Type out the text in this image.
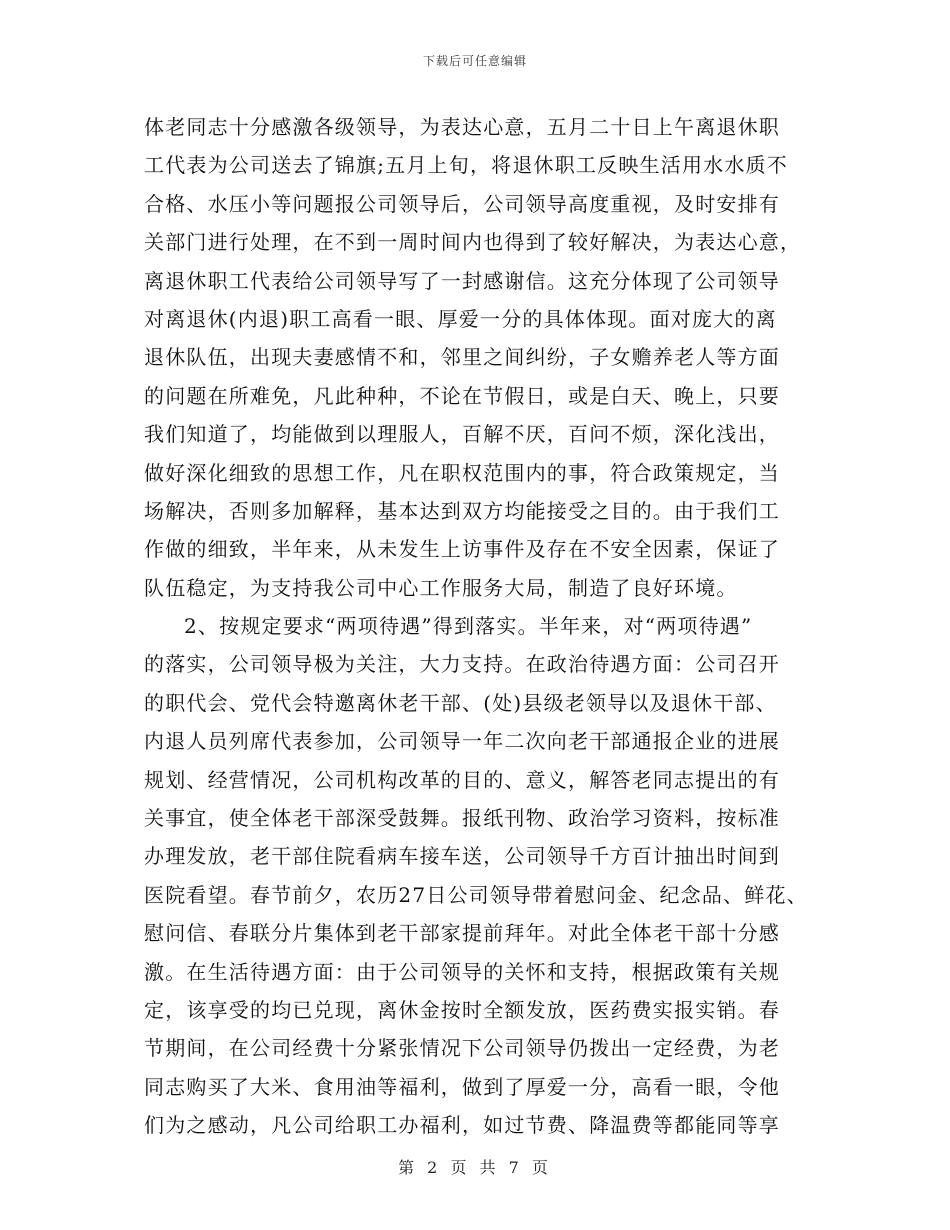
下载后可任意编辑
体老同志十分感激各级领导，为表达心意，五月二十日上午离退休职
工代表为公司送去了锦旗;五月上旬，将退休职工反映生活用水水质不
合格、水压小等问题报公司领导后，公司领导高度重视，及时安排有
关部门进行处理，在不到一周时间内也得到了较好解决，为表达心意，
离退休职工代表给公司领导写了一封感谢信。这充分体现了公司领导
对离退休(内退)职工高看一眼、厚爱一分的具体体现。面对庞大的离
退休队伍，出现夫妻感情不和，邻里之间纠纷，子女赡养老人等方面
的问题在所难免，凡此种种，不论在节假日，或是白天、晚上，只要
我们知道了，均能做到以理服人，百解不厌，百问不烦，深化浅出，
做好深化细致的思想工作，凡在职权范围内的事，符合政策规定，当
场解决，否则多加解释，基本达到双方均能接受之目的。由于我们工
作做的细致，半年来，从未发生上访事件及存在不安全因素，保证了
队伍稳定，为支持我公司中心工作服务大局，制造了良好环境。
2、按规定要求“两项待遇”得到落实。半年来，对“两项待遇”
的落实，公司领导极为关注，大力支持。在政治待遇方面：公司召开
的职代会、党代会特邀离休老干部、(处)县级老领导以及退休干部、
内退人员列席代表参加，公司领导一年二次向老干部通报企业的进展
规划、经营情况，公司机构改革的目的、意义，解答老同志提出的有
关事宜，使全体老干部深受鼓舞。报纸刊物、政治学习资料，按标准
办理发放，老干部住院看病车接车送，公司领导千方百计抽出时间到
医院看望。春节前夕，农历27日公司领导带着慰问金、纪念品、鲜花、
慰问信、春联分片集体到老干部家提前拜年。对此全体老干部十分感
激。在生活待遇方面：由于公司领导的关怀和支持，根据政策有关规
定，该享受的均已兑现，离休金按时全额发放，医药费实报实销。春
节期间，在公司经费十分紧张情况下公司领导仍拨出一定经费，为老
同志购买了大米、食用油等福利，做到了厚爱一分，高看一眼，令他
们为之感动，凡公司给职工办福利，如过节费、降温费等都能同等享
第 2 页 共 7 页
